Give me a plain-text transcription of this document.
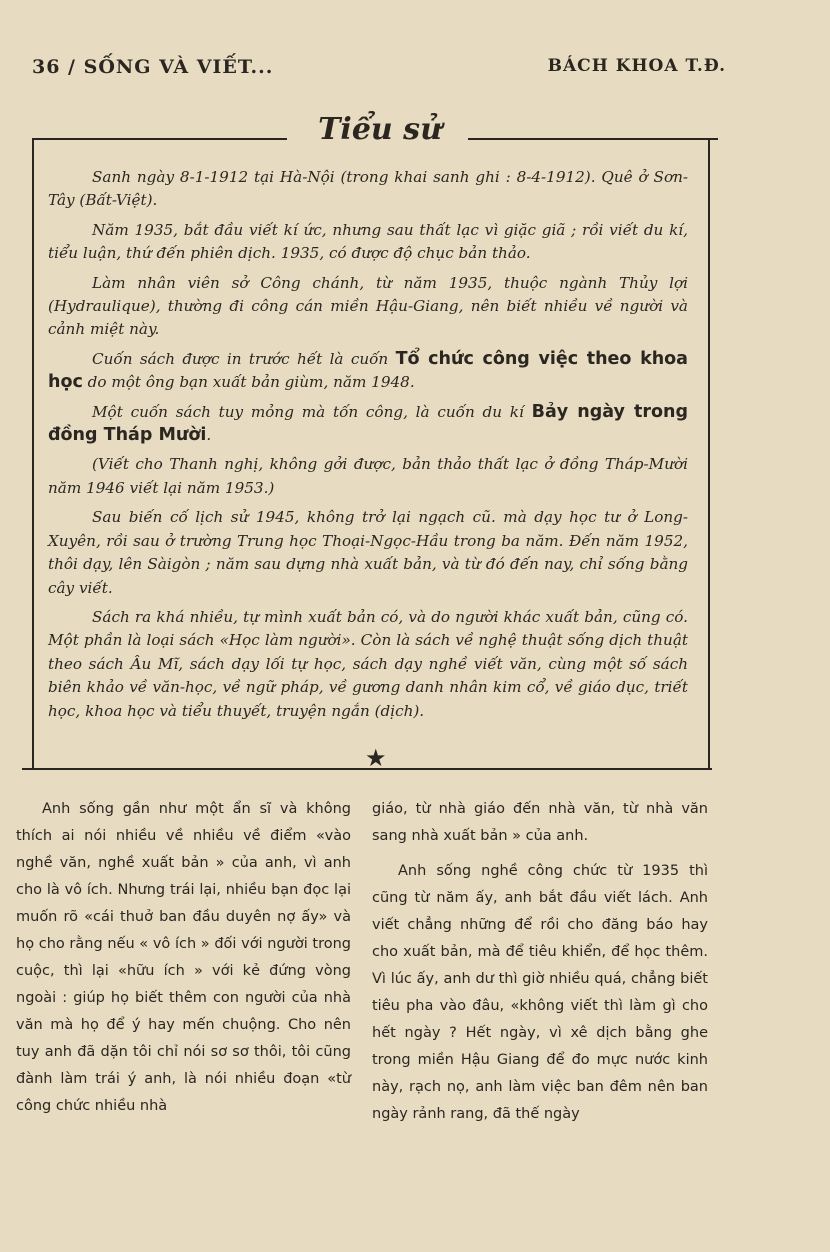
36 / SỐNG VÀ VIẾT...	BÁCH KHOA T.Đ.
Tiểu sử

Sanh ngày 8-1-1912 tại Hà-Nội (trong khai sanh ghi : 8-4-1912). Quê ở Sơn-Tây (Bất-Việt).

Năm 1935, bắt đầu viết kí ức, nhưng sau thất lạc vì giặc giã ; rồi viết du kí, tiểu luận, thứ đến phiên dịch. 1935, có được độ chục bản thảo.

Làm nhân viên sở Công chánh, từ năm 1935, thuộc ngành Thủy lợi (Hydraulique), thường đi công cán miền Hậu-Giang, nên biết nhiều về người và cảnh miệt này.

Cuốn sách được in trước hết là cuốn Tổ chức công việc theo khoa học do một ông bạn xuất bản giùm, năm 1948.

Một cuốn sách tuy mỏng mà tốn công, là cuốn du kí Bảy ngày trong đồng Tháp Mười.

(Viết cho Thanh nghị, không gởi được, bản thảo thất lạc ở đồng Tháp-Mười năm 1946 viết lại năm 1953.)

Sau biến cố lịch sử 1945, không trở lại ngạch cũ. mà dạy học tư ở Long-Xuyên, rồi sau ở trường Trung học Thoại-Ngọc-Hầu trong ba năm. Đến năm 1952, thôi dạy, lên Sàigòn ; năm sau dựng nhà xuất bản, và từ đó đến nay, chỉ sống bằng cây viết.

Sách ra khá nhiều, tự mình xuất bản có, và do người khác xuất bản, cũng có. Một phần là loại sách «Học làm người». Còn là sách về nghệ thuật sống dịch thuật theo sách Âu Mĩ, sách dạy lối tự học, sách dạy nghề viết văn, cùng một số sách biên khảo về văn-học, về ngữ pháp, về gương danh nhân kim cổ, về giáo dục, triết học, khoa học và tiểu thuyết, truyện ngắn (dịch).

★

Anh sống gần như một ẩn sĩ và không thích ai nói nhiều về nhiều về điểm «vào nghề văn, nghề xuất bản » của anh, vì anh cho là vô ích. Nhưng trái lại, nhiều bạn đọc lại muốn rõ «cái thuở ban đầu duyên nợ ấy» và họ cho rằng nếu « vô ích » đối với người trong cuộc, thì lại «hữu ích » với kẻ đứng vòng ngoài : giúp họ biết thêm con người của nhà văn mà họ để ý hay mến chuộng. Cho nên tuy anh đã dặn tôi chỉ nói sơ sơ thôi, tôi cũng đành làm trái ý anh, là nói nhiều đoạn «từ công chức nhiều nhà

giáo, từ nhà giáo đến nhà văn, từ nhà văn sang nhà xuất bản » của anh.

Anh sống nghề công chức từ 1935 thì cũng từ năm ấy, anh bắt đầu viết lách. Anh viết chẳng những để rồi cho đăng báo hay cho xuất bản, mà để tiêu khiển, để học thêm. Vì lúc ấy, anh dư thì giờ nhiều quá, chẳng biết tiêu pha vào đâu, «không viết thì làm gì cho hết ngày ? Hết ngày, vì xê dịch bằng ghe trong miền Hậu Giang để đo mực nước kinh này, rạch nọ, anh làm việc ban đêm nên ban ngày rảnh rang, đã thế ngày
